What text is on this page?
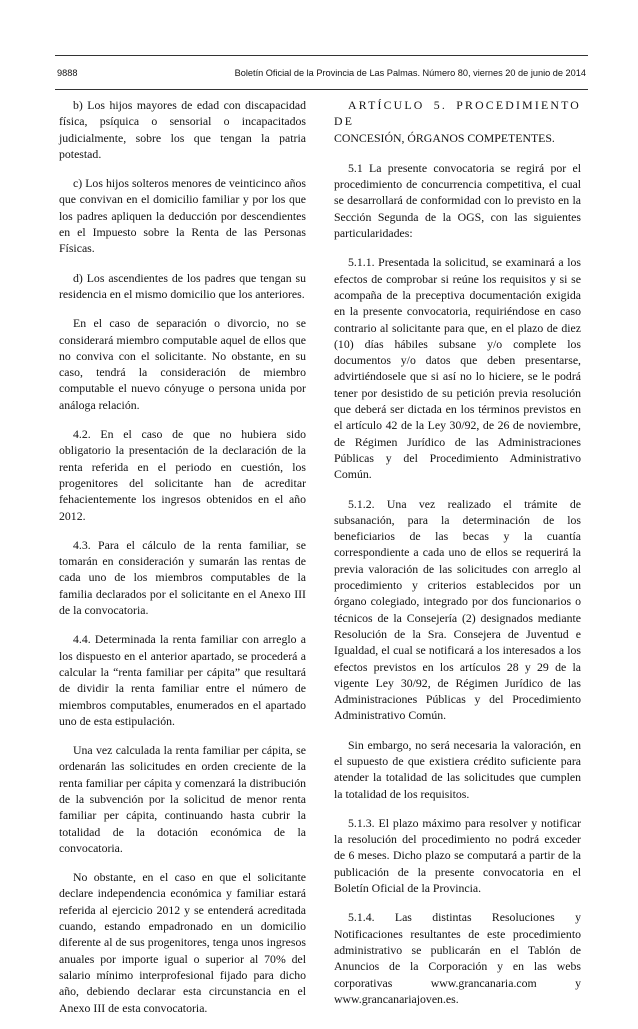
9888	Boletín Oficial de la Provincia de Las Palmas. Número 80, viernes 20 de junio de 2014

b) Los hijos mayores de edad con discapacidad física, psíquica o sensorial o incapacitados judicialmente, sobre los que tengan la patria potestad.

c) Los hijos solteros menores de veinticinco años que convivan en el domicilio familiar y por los que los padres apliquen la deducción por descendientes en el Impuesto sobre la Renta de las Personas Físicas.

d) Los ascendientes de los padres que tengan su residencia en el mismo domicilio que los anteriores.

En el caso de separación o divorcio, no se considerará miembro computable aquel de ellos que no conviva con el solicitante. No obstante, en su caso, tendrá la consideración de miembro computable el nuevo cónyuge o persona unida por análoga relación.

4.2. En el caso de que no hubiera sido obligatorio la presentación de la declaración de la renta referida en el periodo en cuestión, los progenitores del solicitante han de acreditar fehacientemente los ingresos obtenidos en el año 2012.

4.3. Para el cálculo de la renta familiar, se tomarán en consideración y sumarán las rentas de cada uno de los miembros computables de la familia declarados por el solicitante en el Anexo III de la convocatoria.

4.4. Determinada la renta familiar con arreglo a los dispuesto en el anterior apartado, se procederá a calcular la “renta familiar per cápita” que resultará de dividir la renta familiar entre el número de miembros computables, enumerados en el apartado uno de esta estipulación.

Una vez calculada la renta familiar per cápita, se ordenarán las solicitudes en orden creciente de la renta familiar per cápita y comenzará la distribución de la subvención por la solicitud de menor renta familiar per cápita, continuando hasta cubrir la totalidad de la dotación económica de la convocatoria.

No obstante, en el caso en que el solicitante declare independencia económica y familiar estará referida al ejercicio 2012 y se entenderá acreditada cuando, estando empadronado en un domicilio diferente al de sus progenitores, tenga unos ingresos anuales por importe igual o superior al 70% del salario mínimo interprofesional fijado para dicho año, debiendo declarar esta circunstancia en el Anexo III de esta convocatoria.

ARTÍCULO 5. PROCEDIMIENTO DE
CONCESIÓN, ÓRGANOS COMPETENTES.

5.1 La presente convocatoria se regirá por el procedimiento de concurrencia competitiva, el cual se desarrollará de conformidad con lo previsto en la Sección Segunda de la OGS, con las siguientes particularidades:

5.1.1. Presentada la solicitud, se examinará a los efectos de comprobar si reúne los requisitos y si se acompaña de la preceptiva documentación exigida en la presente convocatoria, requiriéndose en caso contrario al solicitante para que, en el plazo de diez (10) días hábiles subsane y/o complete los documentos y/o datos que deben presentarse, advirtiéndosele que si así no lo hiciere, se le podrá tener por desistido de su petición previa resolución que deberá ser dictada en los términos previstos en el artículo 42 de la Ley 30/92, de 26 de noviembre, de Régimen Jurídico de las Administraciones Públicas y del Procedimiento Administrativo Común.

5.1.2. Una vez realizado el trámite de subsanación, para la determinación de los beneficiarios de las becas y la cuantía correspondiente a cada uno de ellos se requerirá la previa valoración de las solicitudes con arreglo al procedimiento y criterios establecidos por un órgano colegiado, integrado por dos funcionarios o técnicos de la Consejería (2) designados mediante Resolución de la Sra. Consejera de Juventud e Igualdad, el cual se notificará a los interesados a los efectos previstos en los artículos 28 y 29 de la vigente Ley 30/92, de Régimen Jurídico de las Administraciones Públicas y del Procedimiento Administrativo Común.

Sin embargo, no será necesaria la valoración, en el supuesto de que existiera crédito suficiente para atender la totalidad de las solicitudes que cumplen la totalidad de los requisitos.

5.1.3. El plazo máximo para resolver y notificar la resolución del procedimiento no podrá exceder de 6 meses. Dicho plazo se computará a partir de la publicación de la presente convocatoria en el Boletín Oficial de la Provincia.

5.1.4. Las distintas Resoluciones y Notificaciones resultantes de este procedimiento administrativo se publicarán en el Tablón de Anuncios de la Corporación y en las webs corporativas www.grancanaria.com y www.grancanariajoven.es.
